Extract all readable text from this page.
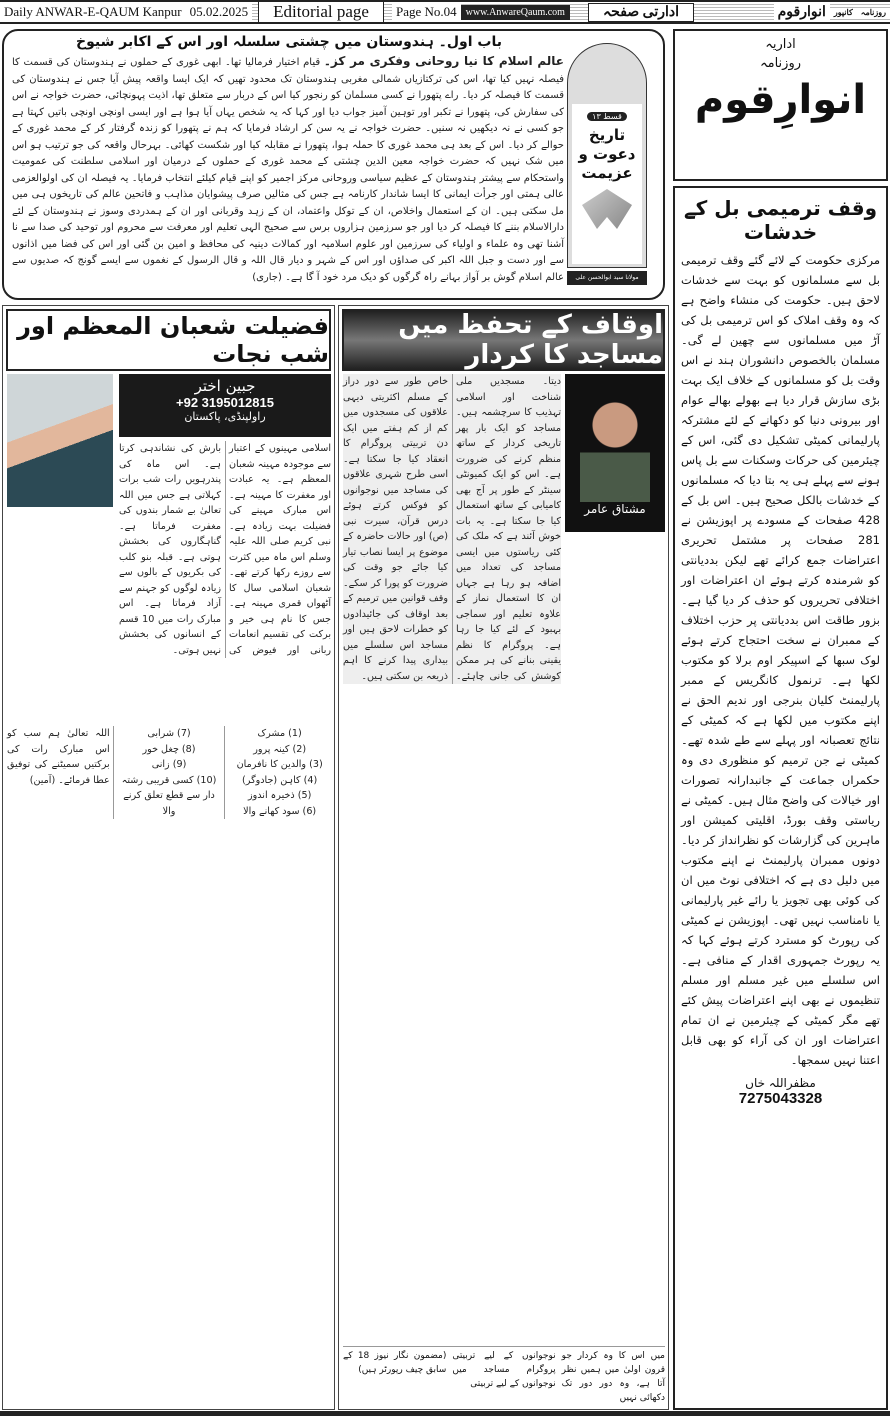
Daily ANWAR-E-QAUM Kanpur 05.02.2025	Editorial page	Page No.04 www.AnwareQaum.com	ادارتی صفحہ	انوارقوم	کانپور	روزنامہ
باب اول۔ ہندوستان میں چشتی سلسلہ اور اس کے اکابر شیوخ
عالم اسلام کا نیا روحانی وفکری مر کز۔ قیام اختیار فرمالیا تھا۔ ابھی غوری کے حملوں نے ہندوستان کی قسمت کا فیصلہ نہیں کیا تھا، اس کی ترکتازیاں شمالی مغربی ہندوستان تک محدود تھیں کہ ایک ایسا واقعہ پیش آیا جس نے ہندوستان کی قسمت کا فیصلہ کر دیا۔ راے پتھورا نے کسی مسلمان کو رنجور کیا اس کے دربار سے متعلق تھا، اذیت پہونچائی، حضرت خواجہ نے اس کی سفارش کی، پتھورا نے تکبر اور توہین آمیز جواب دیا اور کہا کہ یہ شخص یہاں آیا ہوا ہے اور ایسی اونچی اونچی باتیں کہتا ہے جو کسی نے نہ دیکھیں نہ سنیں۔ حضرت خواجہ نے یہ سن کر ارشاد فرمایا کہ ہم نے پتھورا کو زندہ گرفتار کر کے محمد غوری کے حوالے کر دیا۔ اس کے بعد ہی محمد غوری کا حملہ ہوا، پتھورا نے مقابلہ کیا اور شکست کھائی۔ بہرحال واقعہ کی جو ترتیب ہو اس میں شک نہیں کہ حضرت خواجہ معین الدین چشتی کے محمد غوری کے حملوں کے درمیان اور اسلامی سلطنت کی عمومیت واستحکام سے پیشتر ہندوستان کے عظیم سیاسی وروحانی مرکز اجمیر کو اپنے قیام کیلئے انتخاب فرمایا۔ یہ فیصلہ ان کی اولوالعزمی عالی ہمتی اور جرأت ایمانی کا ایسا شاندار کارنامہ ہے جس کی مثالیں صرف پیشوایان مذاہب و فاتحین عالم کی تاریخوں ہی میں مل سکتی ہیں۔ ان کے استعمال واخلاص، ان کے توکل واعتماد، ان کے زہد وقربانی اور ان کے ہمدردی وسوز نے ہندوستان کے لئے دارالاسلام بننے کا فیصلہ کر دیا اور جو سرزمین ہزاروں برس سے صحیح الہی تعلیم اور معرفت سے محروم اور توحید کی صدا سے نا آشنا تھی وہ علماء و اولیاء کی سرزمین اور علوم اسلامیہ اور کمالات دینیہ کی محافظ و امین بن گئی اور اس کی فضا میں اذانوں سے اور دست و جبل اللہ اکبر کی صداؤں اور اس کے شہر و دیار قال اللہ و قال الرسول کے نغموں سے ایسے گونج کہ صدیوں سے عالم اسلام گوش بر آواز بہانے راہ گرگوں کو دیک مرد خود آ گا ہے۔ (جاری)
قسط ۱۳
تاریخ دعوت و عزیمت
مولانا سید ابوالحسن علی حسنی ندوی
اداریہ
روزنامہ
انوارِقوم
وقف ترمیمی بل کے خدشات
مرکزی حکومت کے لائے گئے وقف ترمیمی بل سے مسلمانوں کو بہت سے خدشات لاحق ہیں۔ حکومت کی منشاء واضح ہے کہ وہ وقف املاک کو اس ترمیمی بل کی آڑ میں مسلمانوں سے چھین لے گی۔ مسلمان بالخصوص دانشوران ہند نے اس وقت بل کو مسلمانوں کے خلاف ایک بہت بڑی سازش قرار دیا ہے بھولے بھالے عوام اور بیرونی دنیا کو دکھانے کے لئے مشترکہ پارلیمانی کمیٹی تشکیل دی گئی، اس کے چیئرمین کی حرکات وسکنات سے بل پاس ہونے سے پہلے ہی یہ بتا دیا کہ مسلمانوں کے خدشات بالکل صحیح ہیں۔ اس بل کے 428 صفحات کے مسودے پر اپوزیشن نے 281 صفحات پر مشتمل تحریری اعتراضات جمع کرائے تھے لیکن بددیانتی کو شرمندہ کرتے ہوئے ان اعتراضات اور اختلافی تحریروں کو حذف کر دیا گیا ہے۔ بزور طاقت اس بددیانتی پر حزب اختلاف کے ممبران نے سخت احتجاج کرتے ہوئے لوک سبھا کے اسپیکر اوم برلا کو مکتوب لکھا ہے۔ ترنمول کانگریس کے ممبر پارلیمنٹ کلیان بنرجی اور ندیم الحق نے اپنے مکتوب میں لکھا ہے کہ کمیٹی کے نتائج تعصبانہ اور پہلے سے طے شدہ تھے۔ کمیٹی نے جن ترمیم کو منظوری دی وہ حکمراں جماعت کے جانبدارانہ تصورات اور خیالات کی واضح مثال ہیں۔ کمیٹی نے ریاستی وقف بورڈ، اقلیتی کمیشن اور ماہرین کی گزارشات کو نظرانداز کر دیا۔ دونوں ممبران پارلیمنٹ نے اپنے مکتوب میں دلیل دی ہے کہ اختلافی نوٹ میں ان کی کوئی بھی تجویز یا رائے غیر پارلیمانی یا نامناسب نہیں تھی۔ اپوزیشن نے کمیٹی کی رپورٹ کو مسترد کرتے ہوئے کہا کہ یہ رپورٹ جمہوری اقدار کے منافی ہے۔ اس سلسلے میں غیر مسلم اور مسلم تنظیموں نے بھی اپنے اعتراضات پیش کئے تھے مگر کمیٹی کے چیئرمین نے ان تمام اعتراضات اور ان کی آراء کو بھی قابل اعتنا نہیں سمجھا۔
مظفراللہ خاں
7275043328
فضیلت شعبان المعظم اور شب نجات
جبین اختر
+92 3195012815
راولپنڈی، پاکستان
اسلامی مہینوں کے اعتبار سے موجودہ مہینہ شعبان المعظم ہے۔ یہ عبادت اور مغفرت کا مہینہ ہے۔ اس مبارک مہینے کی فضیلت بہت زیادہ ہے۔ نبی کریم صلی اللہ علیہ وسلم اس ماہ میں کثرت سے روزے رکھا کرتے تھے۔ شعبان اسلامی سال کا آٹھواں قمری مہینہ ہے۔ جس کا نام ہی خیر و برکت کی تقسیم انعامات ربانی اور فیوض کی بارش کی نشاندہی کرتا ہے۔ اس ماہ کی پندرہویں رات شب برات کہلاتی ہے جس میں اللہ تعالیٰ بے شمار بندوں کی مغفرت فرماتا ہے۔ گناہگاروں کی بخشش ہوتی ہے۔ قبلہ بنو کلب کی بکریوں کے بالوں سے زیادہ لوگوں کو جہنم سے آزاد فرماتا ہے۔ اس مبارک رات میں 10 قسم کے انسانوں کی بخشش نہیں ہوتی۔
(1) مشرک
(2) کینہ پرور
(3) والدین کا نافرمان
(4) کاہن (جادوگر)
(5) ذخیرہ اندوز
(6) سود کھانے والا
(7) شرابی
(8) چغل خور
(9) زانی
(10) کسی قریبی رشتہ دار سے قطع تعلق کرنے والا
اللہ تعالیٰ ہم سب کو اس مبارک رات کی برکتیں سمیٹنے کی توفیق عطا فرمائے۔ (آمین)
اوقاف کے تحفظ میں مساجد کا کردار
مشتاق عامر
دیتا۔ مسجدیں ملی شناخت اور اسلامی تہذیب کا سرچشمہ ہیں۔ مساجد کو ایک بار پھر تاریخی کردار کے ساتھ منظم کرنے کی ضرورت ہے۔ اس کو ایک کمیونٹی سینٹر کے طور پر آج بھی کامیابی کے ساتھ استعمال کیا جا سکتا ہے۔ یہ بات خوش آئند ہے کہ ملک کی کئی ریاستوں میں ایسی مساجد کی تعداد میں اضافہ ہو رہا ہے جہاں ان کا استعمال نماز کے علاوہ تعلیم اور سماجی بہبود کے لئے کیا جا رہا ہے۔ پروگرام کا نظم یقینی بنانے کی ہر ممکن کوشش کی جانی چاہئے۔ خاص طور سے دور دراز کے مسلم اکثریتی دیہی علاقوں کی مسجدوں میں کم از کم ہفتے میں ایک دن تربیتی پروگرام کا انعقاد کیا جا سکتا ہے۔ اسی طرح شہری علاقوں کی مساجد میں نوجوانوں کو فوکس کرتے ہوئے درس قرآن، سیرت نبی (ص) اور حالات حاضرہ کے موضوع پر ایسا نصاب تیار کیا جائے جو وقت کی ضرورت کو پورا کر سکے۔ وقف قوانین میں ترمیم کے بعد اوقاف کی جائیدادوں کو خطرات لاحق ہیں اور مساجد اس سلسلے میں بیداری پیدا کرنے کا اہم ذریعہ بن سکتی ہیں۔
میں اس کا وہ کردار جو قرون اولیٰ میں ہمیں نظر آتا ہے، وہ دور دور تک دکھائی نہیں
نوجوانوں کے لیے تربیتی پروگرام مساجد میں نوجوانوں کے لیے تربیتی
(مضمون نگار نیوز 18 کے سابق چیف رپورٹر ہیں)
